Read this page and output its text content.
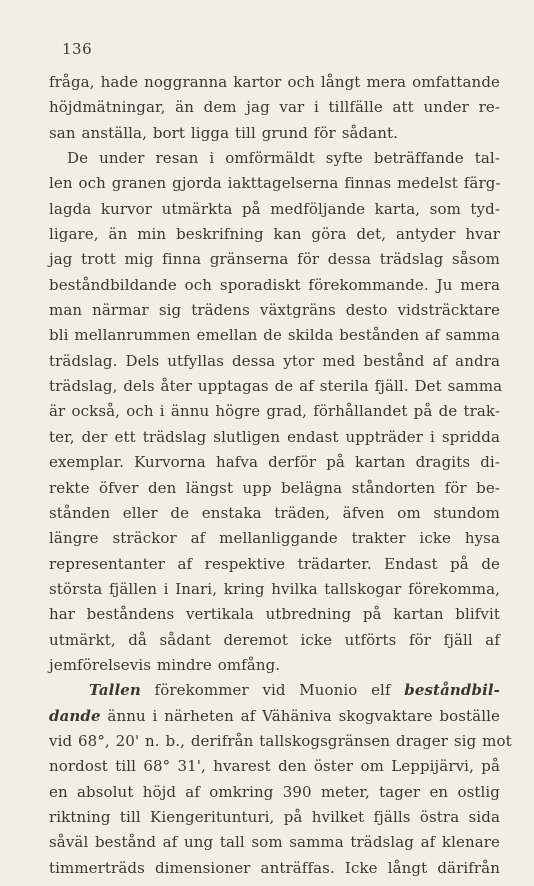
136
fråga, hade noggranna kartor och långt mera omfattande
höjdmätningar, än dem jag var i tillfälle att under re-
san anställa, bort ligga till grund för sådant.
De under resan i omförmäldt syfte beträffande tal-
len och granen gjorda iakttagelserna finnas medelst färg-
lagda kurvor utmärkta på medföljande karta, som tyd-
ligare, än min beskrifning kan göra det, antyder hvar
jag trott mig finna gränserna för dessa trädslag såsom
beståndbildande och sporadiskt förekommande. Ju mera
man närmar sig trädens växtgräns desto vidsträcktare
bli mellanrummen emellan de skilda bestånden af samma
trädslag. Dels utfyllas dessa ytor med bestånd af andra
trädslag, dels åter upptagas de af sterila fjäll. Det samma
är också, och i ännu högre grad, förhållandet på de trak-
ter, der ett trädslag slutligen endast uppträder i spridda
exemplar. Kurvorna hafva derför på kartan dragits di-
rekte öfver den längst upp belägna ståndorten för be-
stånden eller de enstaka träden, äfven om stundom
längre sträckor af mellanliggande trakter icke hysa
representanter af respektive trädarter. Endast på de
största fjällen i Inari, kring hvilka tallskogar förekomma,
har beståndens vertikala utbredning på kartan blifvit
utmärkt, då sådant deremot icke utförts för fjäll af
jemförelsevis mindre omfång.
Tallen förekommer vid Muonio elf beståndbil-
dande ännu i närheten af Vähäniva skogvaktare boställe
vid 68°, 20' n. b., derifrån tallskogsgränsen drager sig mot
nordost till 68° 31', hvarest den öster om Leppijärvi, på
en absolut höjd af omkring 390 meter, tager en ostlig
riktning till Kiengeritunturi, på hvilket fjälls östra sida
såväl bestånd af ung tall som samma trädslag af klenare
timmerträds dimensioner anträffas. Icke långt därifrån
